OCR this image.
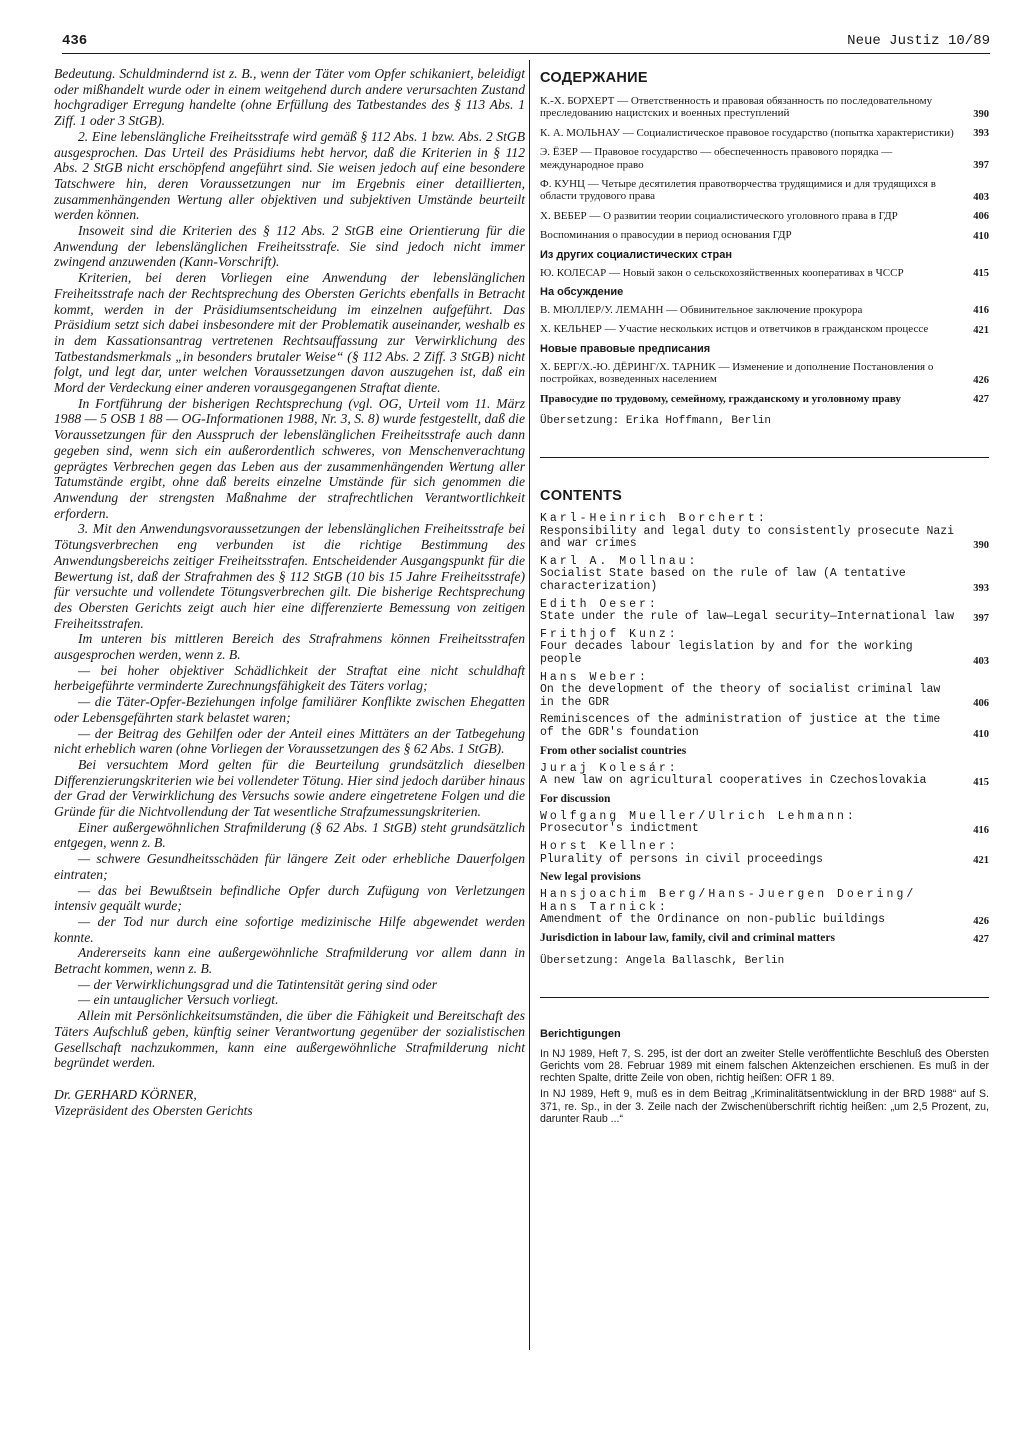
436	Neue Justiz 10/89

Bedeutung. Schuldmindernd ist z. B., wenn der Täter vom Opfer schikaniert, beleidigt oder mißhandelt wurde oder in einem weitgehend durch andere verursachten Zustand hochgradiger Erregung handelte (ohne Erfüllung des Tatbestandes des § 113 Abs. 1 Ziff. 1 oder 3 StGB).

2. Eine lebenslängliche Freiheitsstrafe wird gemäß § 112 Abs. 1 bzw. Abs. 2 StGB ausgesprochen. Das Urteil des Präsidiums hebt hervor, daß die Kriterien in § 112 Abs. 2 StGB nicht erschöpfend angeführt sind. Sie weisen jedoch auf eine besondere Tatschwere hin, deren Voraussetzungen nur im Ergebnis einer detaillierten, zusammenhängenden Wertung aller objektiven und subjektiven Umstände beurteilt werden können.

Insoweit sind die Kriterien des § 112 Abs. 2 StGB eine Orientierung für die Anwendung der lebenslänglichen Freiheitsstrafe. Sie sind jedoch nicht immer zwingend anzuwenden (Kann-Vorschrift).

Kriterien, bei deren Vorliegen eine Anwendung der lebenslänglichen Freiheitsstrafe nach der Rechtsprechung des Obersten Gerichts ebenfalls in Betracht kommt, werden in der Präsidiumsentscheidung im einzelnen aufgeführt. Das Präsidium setzt sich dabei insbesondere mit der Problematik auseinander, weshalb es in dem Kassationsantrag vertretenen Rechtsauffassung zur Verwirklichung des Tatbestandsmerkmals „in besonders brutaler Weise“ (§ 112 Abs. 2 Ziff. 3 StGB) nicht folgt, und legt dar, unter welchen Voraussetzungen davon auszugehen ist, daß ein Mord der Verdeckung einer anderen vorausgegangenen Straftat diente.

In Fortführung der bisherigen Rechtsprechung (vgl. OG, Urteil vom 11. März 1988 — 5 OSB 1 88 — OG-Informationen 1988, Nr. 3, S. 8) wurde festgestellt, daß die Voraussetzungen für den Ausspruch der lebenslänglichen Freiheitsstrafe auch dann gegeben sind, wenn sich ein außerordentlich schweres, von Menschenverachtung geprägtes Verbrechen gegen das Leben aus der zusammenhängenden Wertung aller Tatumstände ergibt, ohne daß bereits einzelne Umstände für sich genommen die Anwendung der strengsten Maßnahme der strafrechtlichen Verantwortlichkeit erfordern.

3. Mit den Anwendungsvoraussetzungen der lebenslänglichen Freiheitsstrafe bei Tötungsverbrechen eng verbunden ist die richtige Bestimmung des Anwendungsbereichs zeitiger Freiheitsstrafen. Entscheidender Ausgangspunkt für die Bewertung ist, daß der Strafrahmen des § 112 StGB (10 bis 15 Jahre Freiheitsstrafe) für versuchte und vollendete Tötungsverbrechen gilt. Die bisherige Rechtsprechung des Obersten Gerichts zeigt auch hier eine differenzierte Bemessung von zeitigen Freiheitsstrafen.

Im unteren bis mittleren Bereich des Strafrahmens können Freiheitsstrafen ausgesprochen werden, wenn z. B.

— bei hoher objektiver Schädlichkeit der Straftat eine nicht schuldhaft herbeigeführte verminderte Zurechnungsfähigkeit des Täters vorlag;

— die Täter-Opfer-Beziehungen infolge familiärer Konflikte zwischen Ehegatten oder Lebensgefährten stark belastet waren;

— der Beitrag des Gehilfen oder der Anteil eines Mittäters an der Tatbegehung nicht erheblich waren (ohne Vorliegen der Voraussetzungen des § 62 Abs. 1 StGB).

Bei versuchtem Mord gelten für die Beurteilung grundsätzlich dieselben Differenzierungskriterien wie bei vollendeter Tötung. Hier sind jedoch darüber hinaus der Grad der Verwirklichung des Versuchs sowie andere eingetretene Folgen und die Gründe für die Nichtvollendung der Tat wesentliche Strafzumessungskriterien.

Einer außergewöhnlichen Strafmilderung (§ 62 Abs. 1 StGB) steht grundsätzlich entgegen, wenn z. B.

— schwere Gesundheitsschäden für längere Zeit oder erhebliche Dauerfolgen eintraten;

— das bei Bewußtsein befindliche Opfer durch Zufügung von Verletzungen intensiv gequält wurde;

— der Tod nur durch eine sofortige medizinische Hilfe abgewendet werden konnte.

Andererseits kann eine außergewöhnliche Strafmilderung vor allem dann in Betracht kommen, wenn z. B.

— der Verwirklichungsgrad und die Tatintensität gering sind oder

— ein untauglicher Versuch vorliegt.

Allein mit Persönlichkeitsumständen, die über die Fähigkeit und Bereitschaft des Täters Aufschluß geben, künftig seiner Verantwortung gegenüber der sozialistischen Gesellschaft nachzukommen, kann eine außergewöhnliche Strafmilderung nicht begründet werden.

Dr. GERHARD KÖRNER,
Vizepräsident des Obersten Gerichts
СОДЕРЖАНИЕ
К.-Х. БОРХЕРТ — Ответственность и правовая обязанность по последовательному преследованию нацистских и военных преступлений	390
К. А. МОЛЬНАУ — Социалистическое правовое государство (попытка характеристики)	393
Э. ЁЗЕР — Правовое государство — обеспеченность правового порядка — международное право	397
Ф. КУНЦ — Четыре десятилетия правотворчества трудящимися и для трудящихся в области трудового права	403
Х. ВЕБЕР — О развитии теории социалистического уголовного права в ГДР	406
Воспоминания о правосудии в период основания ГДР	410
Из других социалистических стран
Ю. КОЛЕСАР — Новый закон о сельскохозяйственных кооперативах в ЧССР	415
На обсуждение
В. МЮЛЛЕР/У. ЛЕМАНН — Обвинительное заключение прокурора	416
Х. КЕЛЬНЕР — Участие нескольких истцов и ответчиков в гражданском процессе	421
Новые правовые предписания
Х. БЕРГ/Х.-Ю. ДЁРИНГ/Х. ТАРНИК — Изменение и дополнение Постановления о постройках, возведенных населением	426
Правосудие по трудовому, семейному, гражданскому и уголовному праву	427
Übersetzung: Erika Hoffmann, Berlin
CONTENTS
Karl-Heinrich Borchert:
Responsibility and legal duty to consistently prosecute Nazi and war crimes	390
Karl A. Mollnau:
Socialist State based on the rule of law (A tentative characterization)	393
Edith Oeser:
State under the rule of law—Legal security—International law	397
Frithjof Kunz:
Four decades labour legislation by and for the working people	403
Hans Weber:
On the development of the theory of socialist criminal law in the GDR	406
Reminiscences of the administration of justice at the time of the GDR's foundation	410
From other socialist countries
Juraj Kolesár:
A new law on agricultural cooperatives in Czechoslovakia	415
For discussion
Wolfgang Mueller/Ulrich Lehmann:
Prosecutor's indictment	416
Horst Kellner:
Plurality of persons in civil proceedings	421
New legal provisions
Hansjoachim Berg/Hans-Juergen Doering/ Hans Tarnick:
Amendment of the Ordinance on non-public buildings	426
Jurisdiction in labour law, family, civil and criminal matters	427
Übersetzung: Angela Ballaschk, Berlin
Berichtigungen

In NJ 1989, Heft 7, S. 295, ist der dort an zweiter Stelle veröffentlichte Beschluß des Obersten Gerichts vom 28. Februar 1989 mit einem falschen Aktenzeichen erschienen. Es muß in der rechten Spalte, dritte Zeile von oben, richtig heißen: OFR 1 89.

In NJ 1989, Heft 9, muß es in dem Beitrag „Kriminalitätsentwicklung in der BRD 1988“ auf S. 371, re. Sp., in der 3. Zeile nach der Zwischenüberschrift richtig heißen: „um 2,5 Prozent, zu, darunter Raub ...“
